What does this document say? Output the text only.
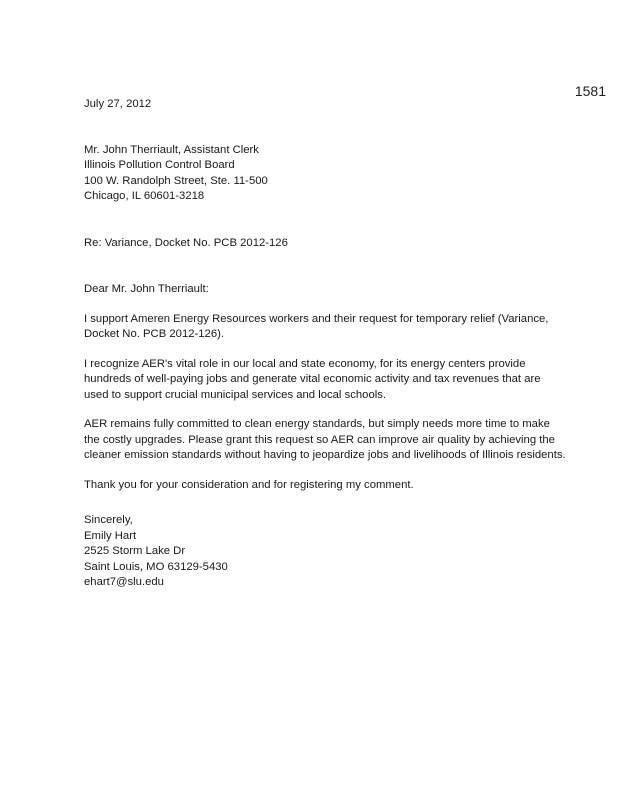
1581

July 27, 2012

Mr. John Therriault, Assistant Clerk
Illinois Pollution Control Board
100 W. Randolph Street, Ste. 11-500
Chicago, IL 60601-3218

Re: Variance, Docket No. PCB 2012-126

Dear Mr. John Therriault:

I support Ameren Energy Resources workers and their request for temporary relief (Variance,
Docket No. PCB 2012-126).

I recognize AER's vital role in our local and state economy, for its energy centers provide
hundreds of well-paying jobs and generate vital economic activity and tax revenues that are
used to support crucial municipal services and local schools.

AER remains fully committed to clean energy standards, but simply needs more time to make
the costly upgrades. Please grant this request so AER can improve air quality by achieving the
cleaner emission standards without having to jeopardize jobs and livelihoods of Illinois residents.

Thank you for your consideration and for registering my comment.

Sincerely,
Emily Hart
2525 Storm Lake Dr
Saint Louis, MO 63129-5430
ehart7@slu.edu
